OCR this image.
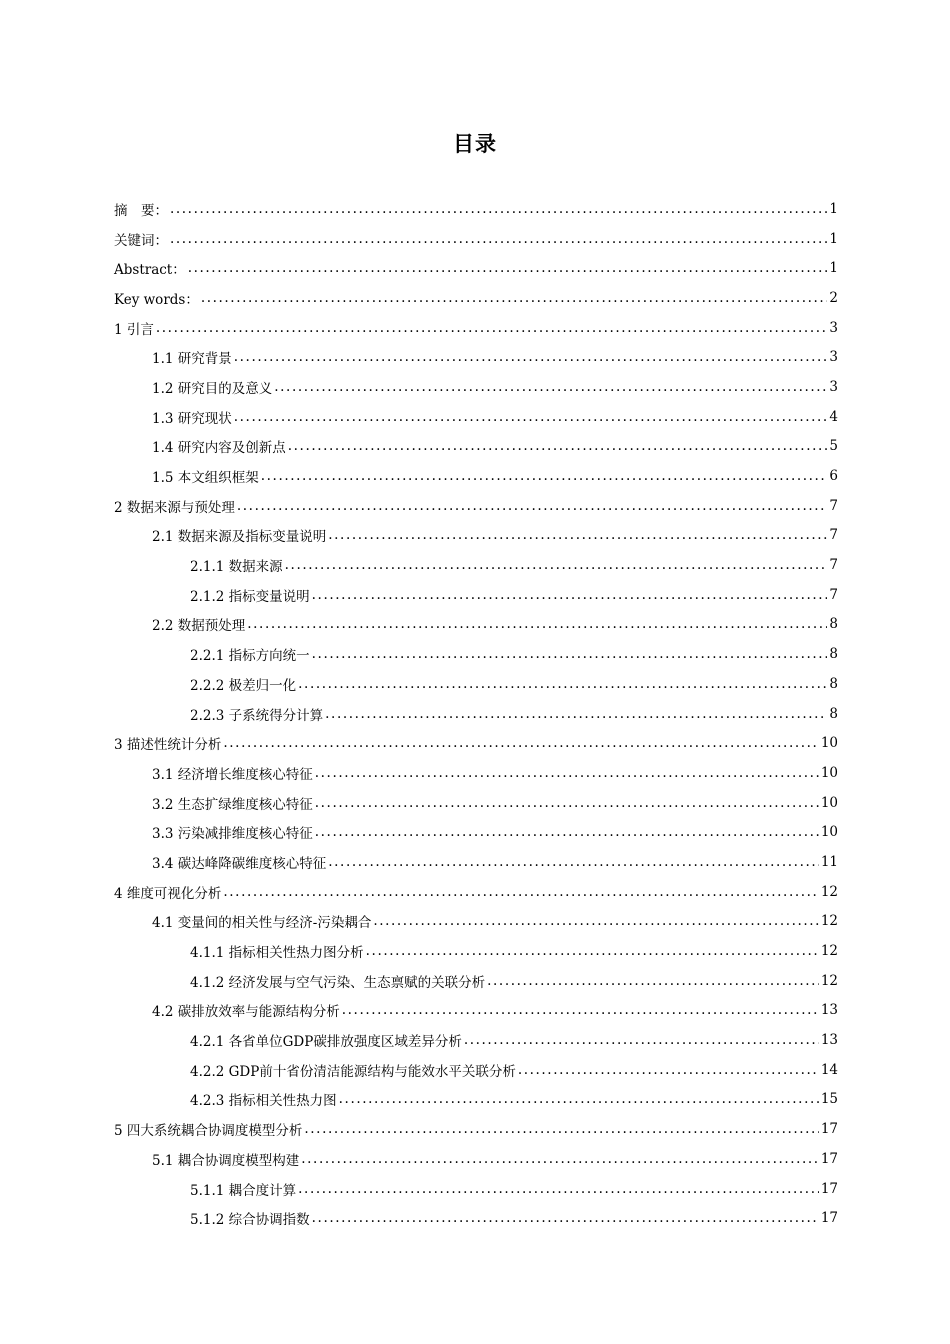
目录
摘　要： .....	1
关键词： .....	1
Abstract： .....	1
Key words： .....	2
1 引言 .....	3
1.1 研究背景 .....	3
1.2 研究目的及意义 .....	3
1.3 研究现状 .....	4
1.4 研究内容及创新点 .....	5
1.5 本文组织框架 .....	6
2 数据来源与预处理 .....	7
2.1 数据来源及指标变量说明 .....	7
2.1.1 数据来源 .....	7
2.1.2 指标变量说明 .....	7
2.2 数据预处理 .....	8
2.2.1 指标方向统一 .....	8
2.2.2 极差归一化 .....	8
2.2.3 子系统得分计算 .....	8
3 描述性统计分析 .....	10
3.1 经济增长维度核心特征 .....	10
3.2 生态扩绿维度核心特征 .....	10
3.3 污染减排维度核心特征 .....	10
3.4 碳达峰降碳维度核心特征 .....	11
4 维度可视化分析 .....	12
4.1 变量间的相关性与经济-污染耦合 .....	12
4.1.1 指标相关性热力图分析 .....	12
4.1.2 经济发展与空气污染、生态禀赋的关联分析 .....	12
4.2 碳排放效率与能源结构分析 .....	13
4.2.1 各省单位GDP碳排放强度区域差异分析 .....	13
4.2.2 GDP前十省份清洁能源结构与能效水平关联分析 .....	14
4.2.3 指标相关性热力图 .....	15
5 四大系统耦合协调度模型分析 .....	17
5.1 耦合协调度模型构建 .....	17
5.1.1 耦合度计算 .....	17
5.1.2 综合协调指数 .....	17
